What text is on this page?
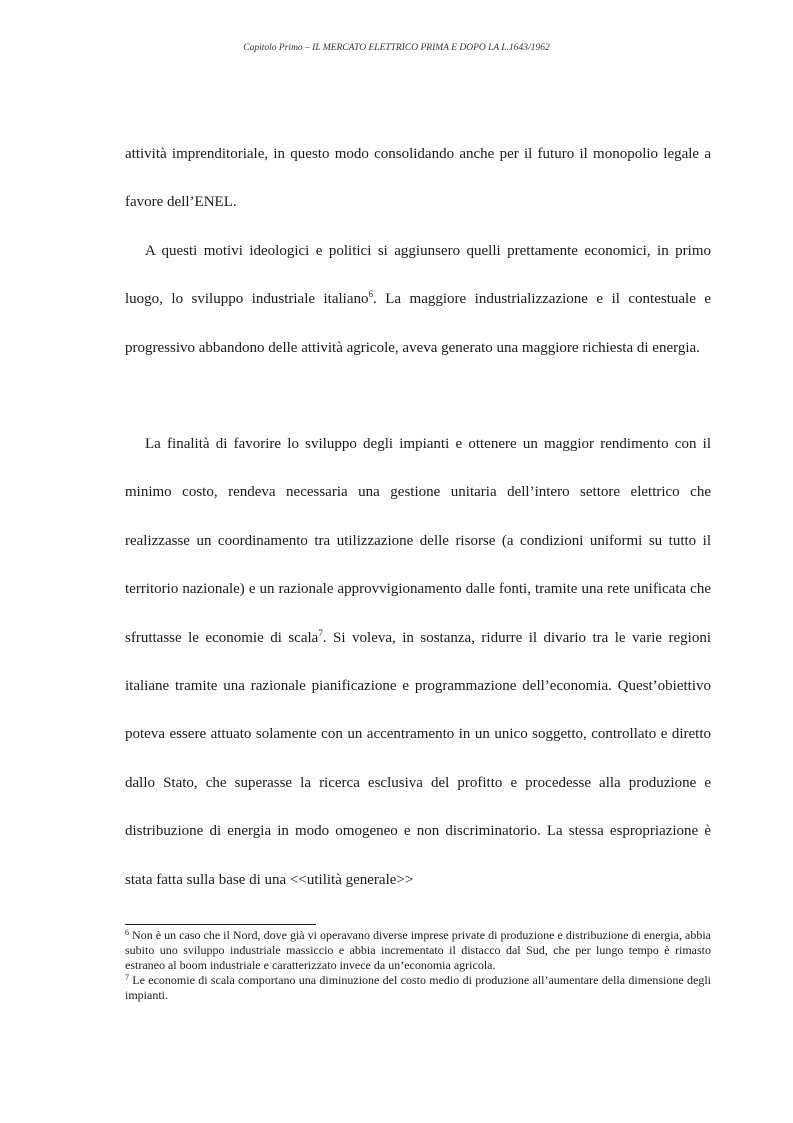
Capitolo Primo – IL MERCATO ELETTRICO PRIMA E DOPO LA L.1643/1962

attività imprenditoriale, in questo modo consolidando anche per il futuro il monopolio legale a favore dell’ENEL.

A questi motivi ideologici e politici si aggiunsero quelli prettamente economici, in primo luogo, lo sviluppo industriale italiano$^6$. La maggiore industrializzazione e il contestuale e progressivo abbandono delle attività agricole, aveva generato una maggiore richiesta di energia.

La finalità di favorire lo sviluppo degli impianti e ottenere un maggior rendimento con il minimo costo, rendeva necessaria una gestione unitaria dell’intero settore elettrico che realizzasse un coordinamento tra utilizzazione delle risorse (a condizioni uniformi su tutto il territorio nazionale) e un razionale approvvigionamento dalle fonti, tramite una rete unificata che sfruttasse le economie di scala$^7$. Si voleva, in sostanza, ridurre il divario tra le varie regioni italiane tramite una razionale pianificazione e programmazione dell’economia. Quest’obiettivo poteva essere attuato solamente con un accentramento in un unico soggetto, controllato e diretto dallo Stato, che superasse la ricerca esclusiva del profitto e procedesse alla produzione e distribuzione di energia in modo omogeneo e non discriminatorio. La stessa espropriazione è stata fatta sulla base di una <<utilità generale>>

$^6$ Non è un caso che il Nord, dove già vi operavano diverse imprese private di produzione e distribuzione di energia, abbia subito uno sviluppo industriale massiccio e abbia incrementato il distacco dal Sud, che per lungo tempo è rimasto estraneo al boom industriale e caratterizzato invece da un’economia agricola.

$^7$ Le economie di scala comportano una diminuzione del costo medio di produzione all’aumentare della dimensione degli impianti.
